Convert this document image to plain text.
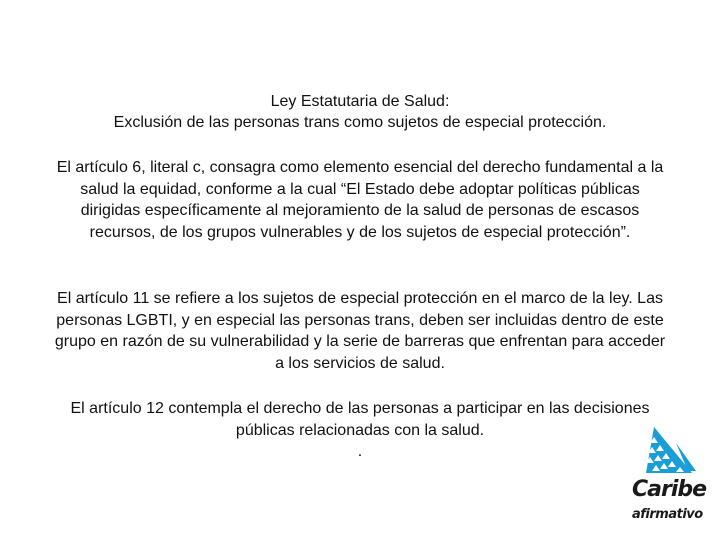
Ley Estatutaria de Salud:
Exclusión de las personas trans como sujetos de especial protección.
El artículo 6, literal c, consagra como elemento esencial del derecho fundamental a la salud la equidad, conforme a la cual “El Estado debe adoptar políticas públicas dirigidas específicamente al mejoramiento de la salud de personas de escasos recursos, de los grupos vulnerables y de los sujetos de especial protección”.
El artículo 11 se refiere a los sujetos de especial protección en el marco de la ley. Las personas LGBTI, y en especial las personas trans, deben ser incluidas dentro de este grupo en razón de su vulnerabilidad y la serie de barreras que enfrentan para acceder a los servicios de salud.
El artículo 12 contempla el derecho de las personas a participar en las decisiones públicas relacionadas con la salud.
.
Caribe
afirmativo
